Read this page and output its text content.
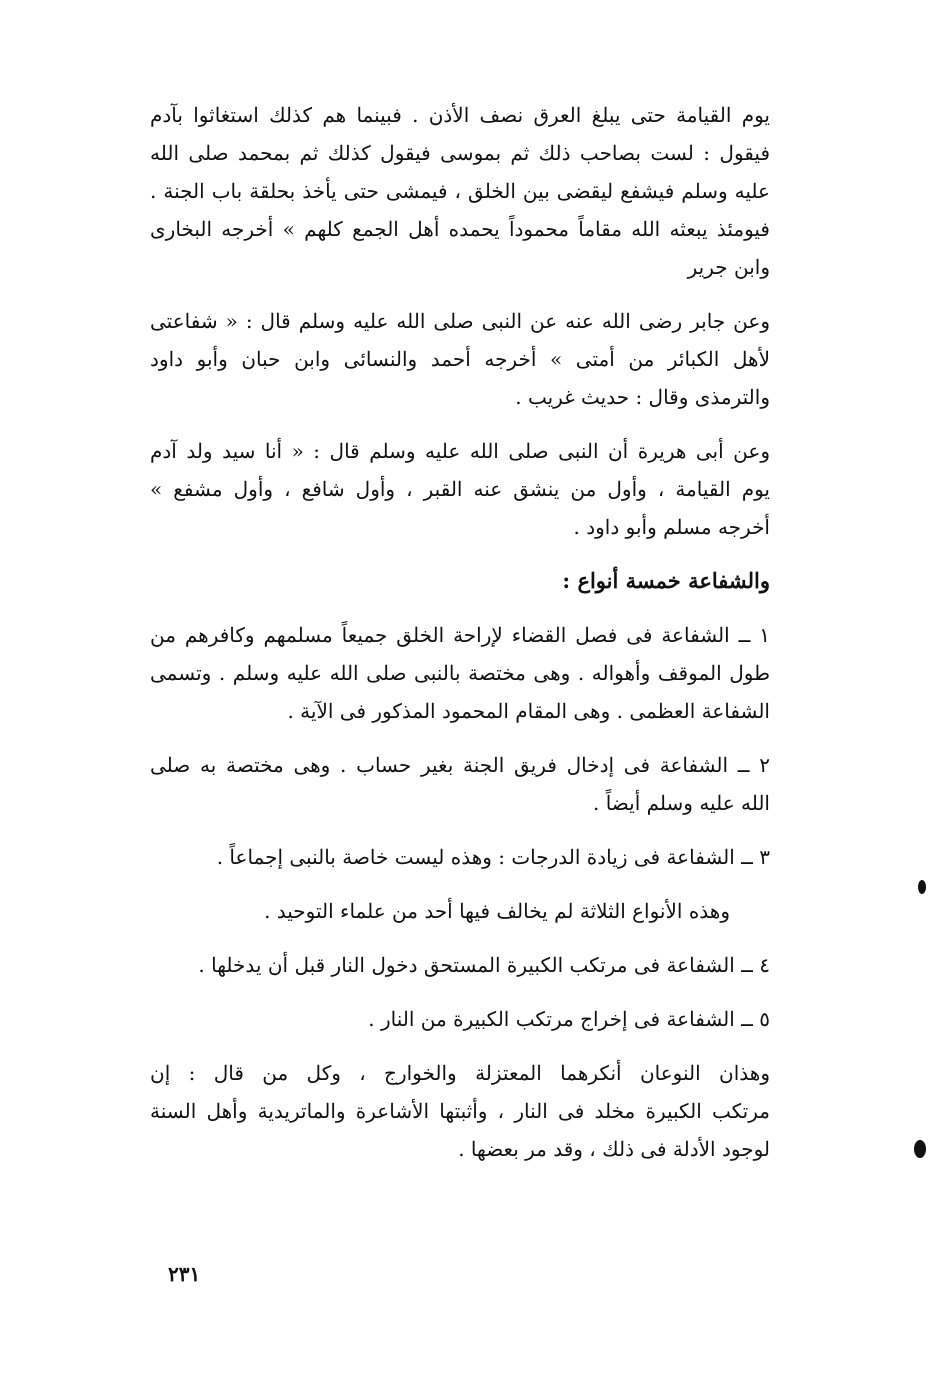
يوم القيامة حتى يبلغ العرق نصف الأذن . فبينما هم كذلك استغاثوا بآدم
فيقول : لست بصاحب ذلك ثم بموسى فيقول كذلك ثم بمحمد صلى الله
عليه وسلم فيشفع ليقضى بين الخلق ، فيمشى حتى يأخذ بحلقة باب الجنة .
فيومئذ يبعثه الله مقاماً محموداً يحمده أهل الجمع كلهم » أخرجه البخارى
وابن جرير
وعن جابر رضى الله عنه عن النبى صلى الله عليه وسلم قال : « شفاعتى
لأهل الكبائر من أمتى » أخرجه أحمد والنسائى وابن حبان وأبو داود
والترمذى وقال : حديث غريب .
وعن أبى هريرة أن النبى صلى الله عليه وسلم قال : « أنا سيد ولد آدم
يوم القيامة ، وأول من ينشق عنه القبر ، وأول شافع ، وأول مشفع »
أخرجه مسلم وأبو داود .
والشفاعة خمسة أنواع :
١ ــ الشفاعة فى فصل القضاء لإراحة الخلق جميعاً مسلمهم وكافرهم من
طول الموقف وأهواله . وهى مختصة بالنبى صلى الله عليه وسلم . وتسمى
الشفاعة العظمى . وهى المقام المحمود المذكور فى الآية .
٢ ــ الشفاعة فى إدخال فريق الجنة بغير حساب . وهى مختصة به صلى
الله عليه وسلم أيضاً .
٣ ــ الشفاعة فى زيادة الدرجات : وهذه ليست خاصة بالنبى إجماعاً .
وهذه الأنواع الثلاثة لم يخالف فيها أحد من علماء التوحيد .
٤ ــ الشفاعة فى مرتكب الكبيرة المستحق دخول النار قبل أن يدخلها .
٥ ــ الشفاعة فى إخراج مرتكب الكبيرة من النار .
وهذان النوعان أنكرهما المعتزلة والخوارج ، وكل من قال : إن
مرتكب الكبيرة مخلد فى النار ، وأثبتها الأشاعرة والماتريدية وأهل السنة
لوجود الأدلة فى ذلك ، وقد مر بعضها .
٢٣١
